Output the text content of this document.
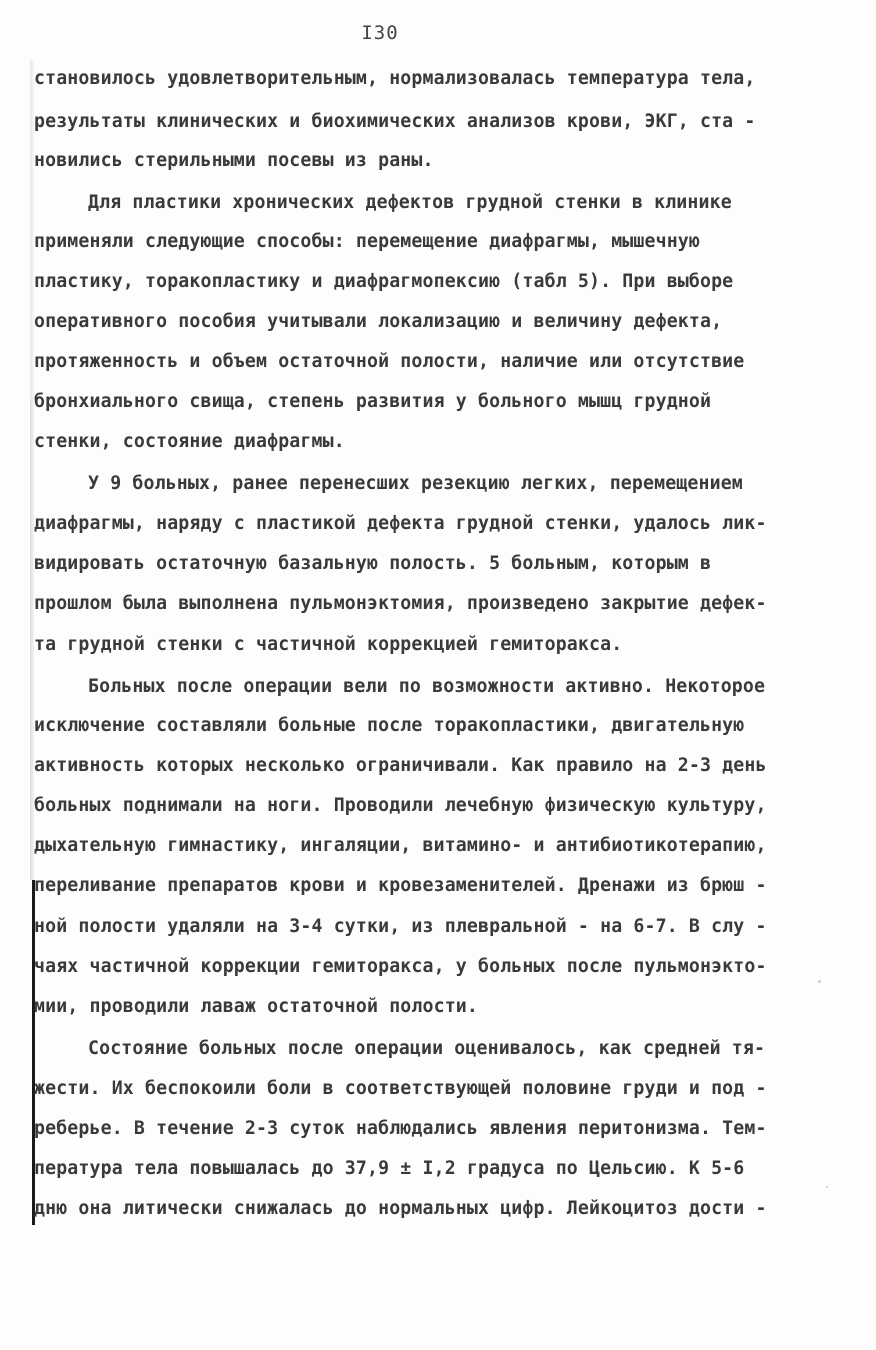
I30
становилось удовлетворительным, нормализовалась температура тела,
результаты клинических и биохимических анализов крови, ЭКГ, ста -
новились стерильными посевы из раны.
Для пластики хронических дефектов грудной стенки в клинике
применяли следующие способы: перемещение диафрагмы, мышечную
пластику, торакопластику и диафрагмопексию (табл 5). При выборе
оперативного пособия учитывали локализацию и величину дефекта,
протяженность и объем остаточной полости, наличие или отсутствие
бронхиального свища, степень развития у больного мышц грудной
стенки, состояние диафрагмы.
У 9 больных, ранее перенесших резекцию легких, перемещением
диафрагмы, наряду с пластикой дефекта грудной стенки, удалось лик-
видировать остаточную базальную полость. 5 больным, которым в
прошлом была выполнена пульмонэктомия, произведено закрытие дефек-
та грудной стенки с частичной коррекцией гемиторакса.
Больных после операции вели по возможности активно. Некоторое
исключение составляли больные после торакопластики, двигательную
активность которых несколько ограничивали. Как правило на 2-3 день
больных поднимали на ноги. Проводили лечебную физическую культуру,
дыхательную гимнастику, ингаляции, витамино- и антибиотикотерапию,
переливание препаратов крови и кровезаменителей. Дренажи из брюш -
ной полости удаляли на 3-4 сутки, из плевральной - на 6-7. В слу -
чаях частичной коррекции гемиторакса, у больных после пульмонэкто-
мии, проводили лаваж остаточной полости.
Состояние больных после операции оценивалось, как средней тя-
жести. Их беспокоили боли в соответствующей половине груди и под -
реберье. В течение 2-3 суток наблюдались явления перитонизма. Тем-
пература тела повышалась до 37,9 ± I,2 градуса по Цельсию. К 5-6
дню она литически снижалась до нормальных цифр. Лейкоцитоз дости -
